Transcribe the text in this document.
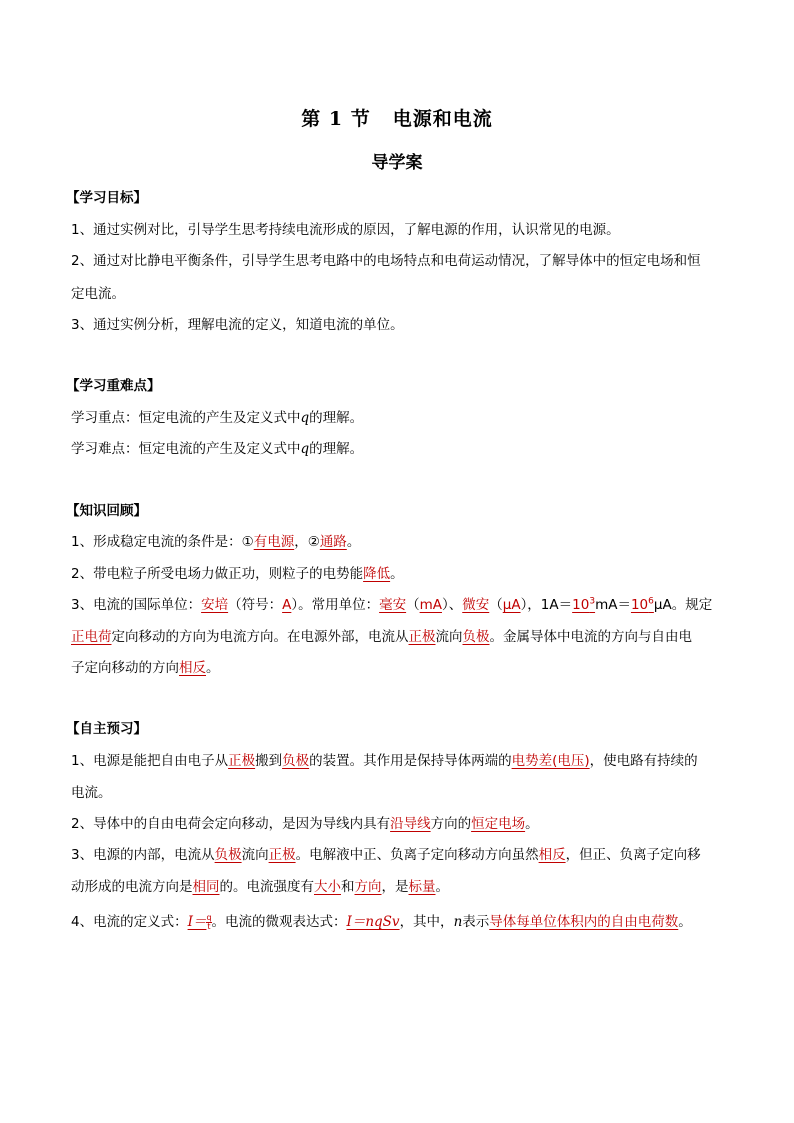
第 1 节 电源和电流
导学案
【学习目标】
1、通过实例对比，引导学生思考持续电流形成的原因，了解电源的作用，认识常见的电源。
2、通过对比静电平衡条件，引导学生思考电路中的电场特点和电荷运动情况，了解导体中的恒定电场和恒
定电流。
3、通过实例分析，理解电流的定义，知道电流的单位。
【学习重难点】
学习重点：恒定电流的产生及定义式中q的理解。
学习难点：恒定电流的产生及定义式中q的理解。
【知识回顾】
1、形成稳定电流的条件是：①有电源，②通路。
2、带电粒子所受电场力做正功，则粒子的电势能降低。
3、电流的国际单位：安培（符号：A）。常用单位：毫安（mA）、微安（μA），$1A=10^3mA=10^6\mu A$。规定
正电荷定向移动的方向为电流方向。在电源外部，电流从正极流向负极。金属导体中电流的方向与自由电
子定向移动的方向相反。
【自主预习】
1、电源是能把自由电子从正极搬到负极的装置。其作用是保持导体两端的电势差(电压)，使电路有持续的
电流。
2、导体中的自由电荷会定向移动，是因为导线内具有沿导线方向的恒定电场。
3、电源的内部，电流从负极流向正极。电解液中正、负离子定向移动方向虽然相反，但正、负离子定向移
动形成的电流方向是相同的。电流强度有大小和方向，是标量。
4、电流的定义式：$I= \frac{q}{t}$ 。电流的微观表达式：I＝nqSv，其中，n表示导体每单位体积内的自由电荷数。
